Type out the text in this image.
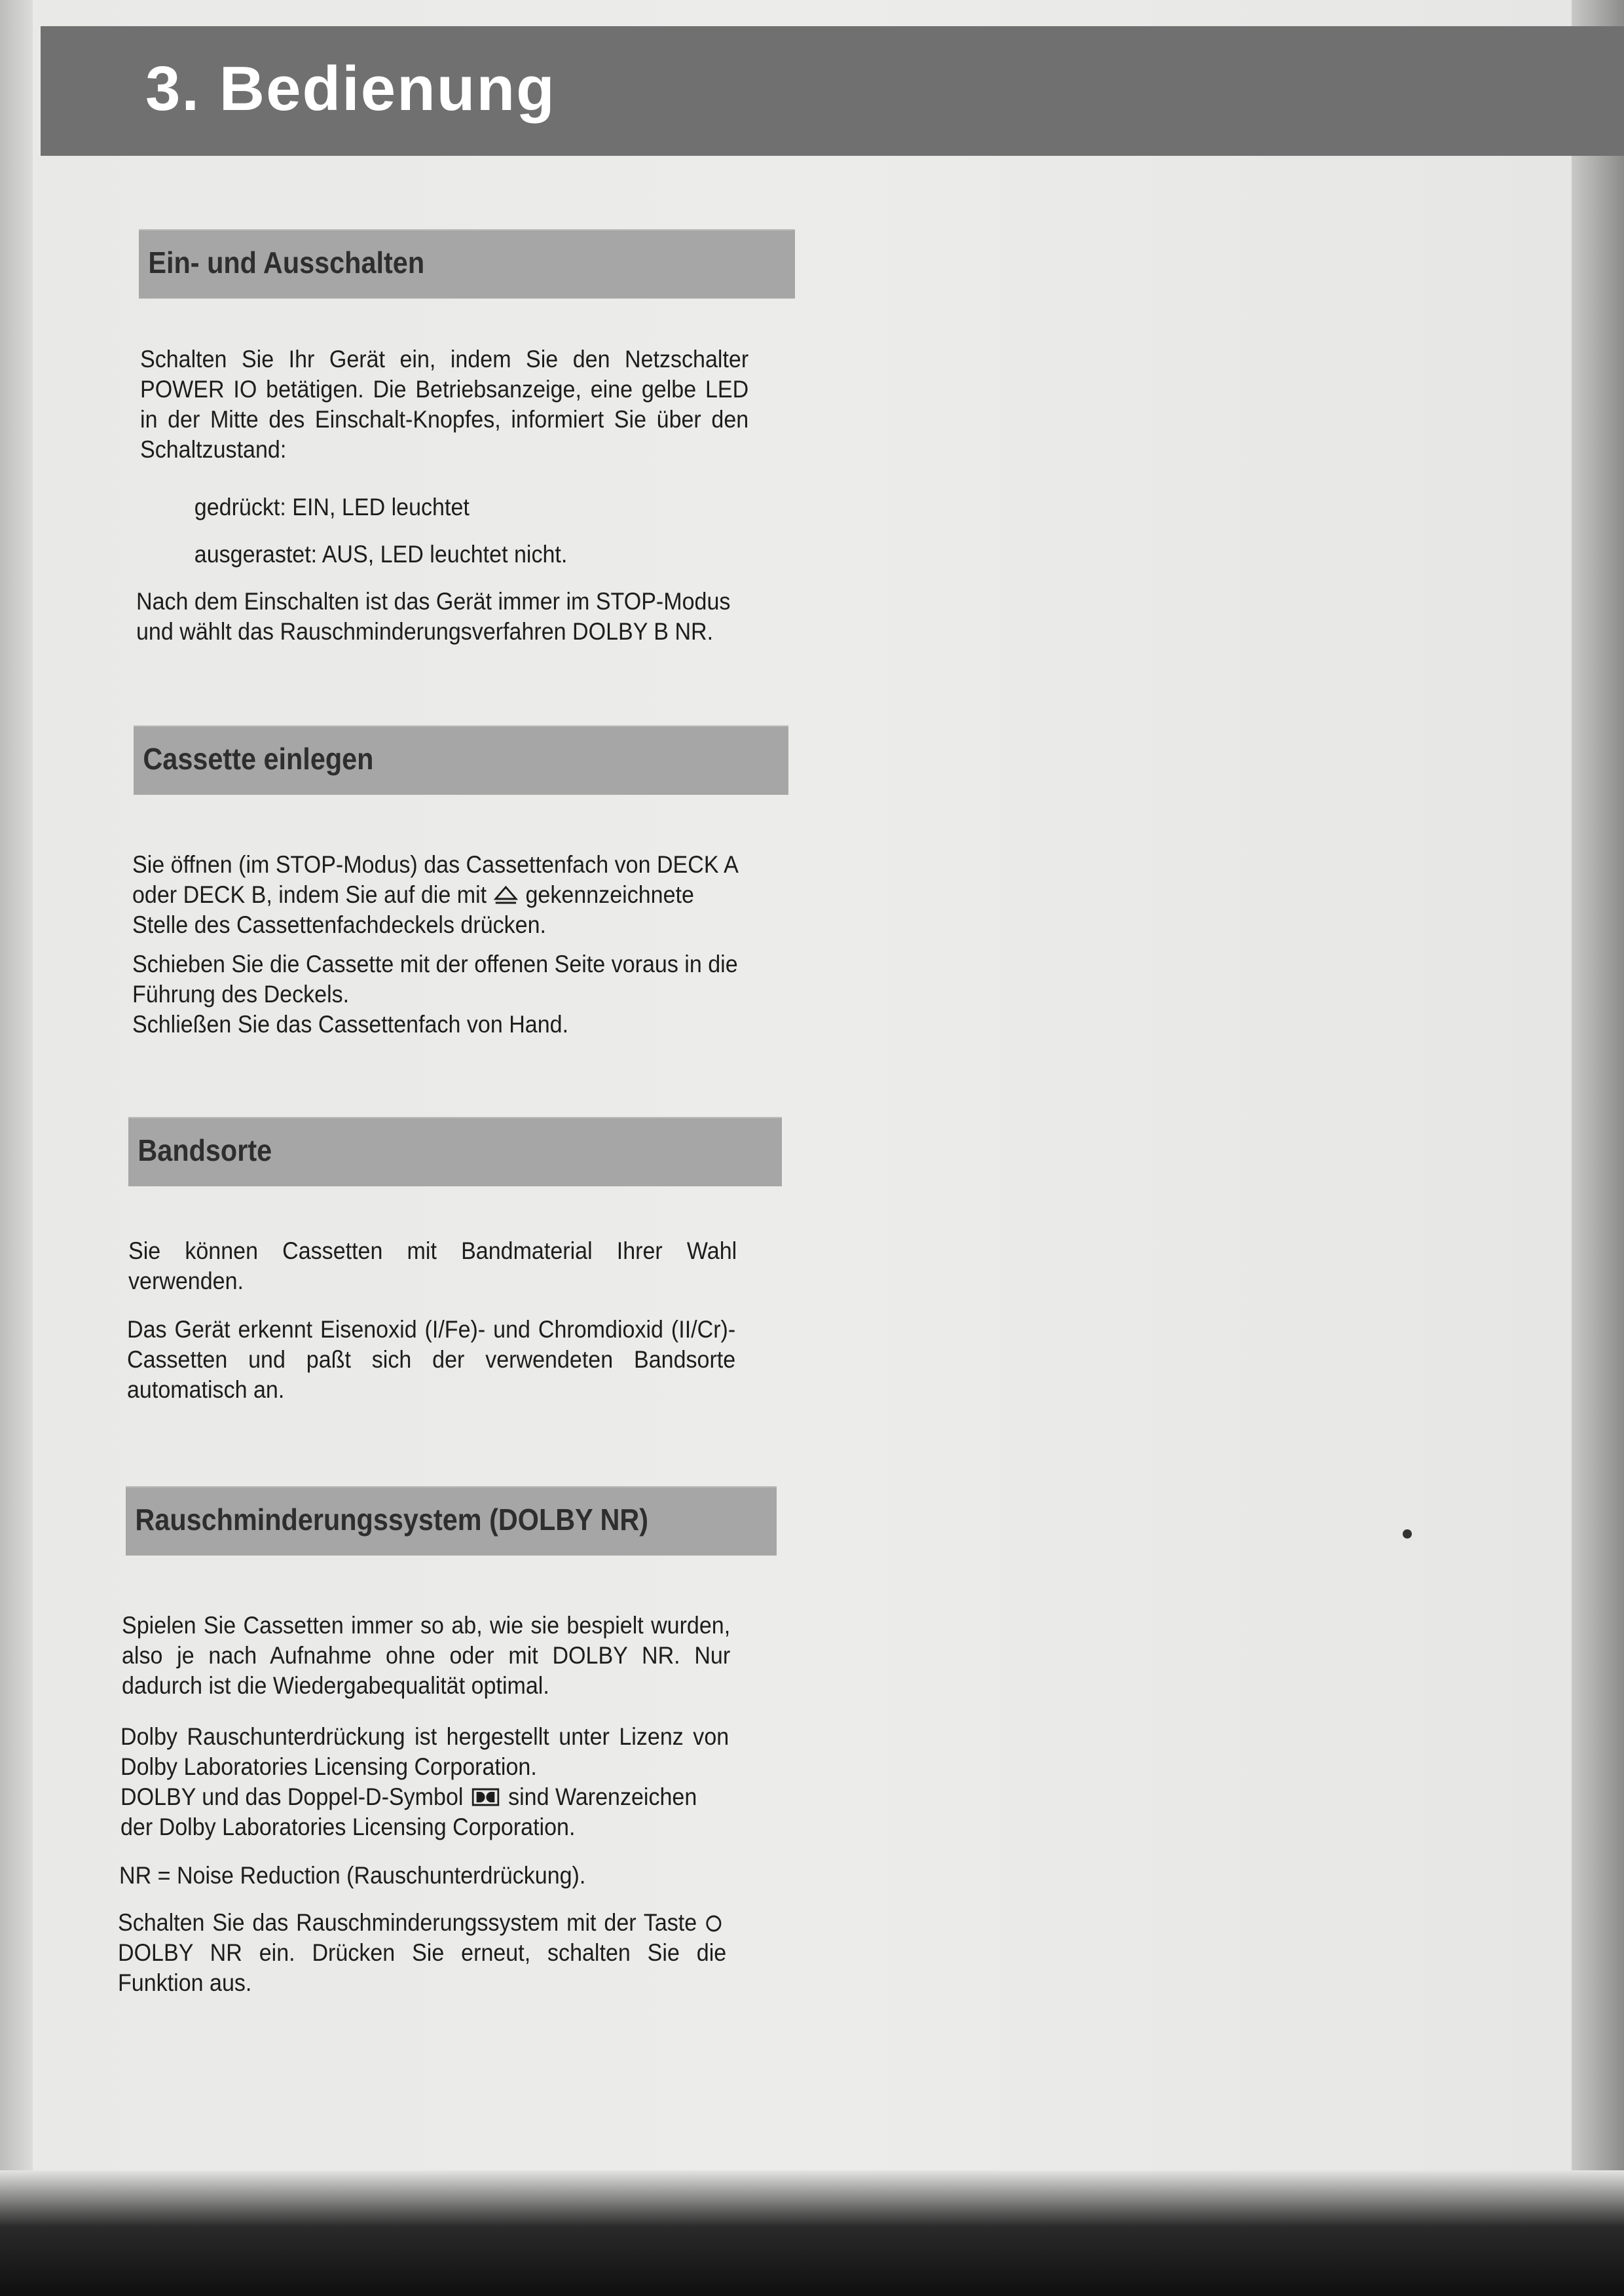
3. Bedienung
Ein- und Ausschalten

Schalten Sie Ihr Gerät ein, indem Sie den Netzschalter POWER IO betätigen. Die Betriebsanzeige, eine gelbe LED in der Mitte des Einschalt-Knopfes, informiert Sie über den Schaltzustand:

gedrückt: EIN, LED leuchtet

ausgerastet: AUS, LED leuchtet nicht.

Nach dem Einschalten ist das Gerät immer im STOP-Modus und wählt das Rauschminderungsverfahren DOLBY B NR.

Cassette einlegen

Sie öffnen (im STOP-Modus) das Cassettenfach von DECK A oder DECK B, indem Sie auf die mit gekennzeichnete Stelle des Cassettenfachdeckels drücken.

Schieben Sie die Cassette mit der offenen Seite voraus in die Führung des Deckels.

Schließen Sie das Cassettenfach von Hand.

Bandsorte

Sie können Cassetten mit Bandmaterial Ihrer Wahl verwenden.

Das Gerät erkennt Eisenoxid (I/Fe)- und Chromdioxid (II/Cr)-Cassetten und paßt sich der verwendeten Bandsorte automatisch an.

Rauschminderungssystem (DOLBY NR)

Spielen Sie Cassetten immer so ab, wie sie bespielt wurden, also je nach Aufnahme ohne oder mit DOLBY NR. Nur dadurch ist die Wiedergabequalität optimal.

Dolby Rauschunterdrückung ist hergestellt unter Lizenz von Dolby Laboratories Licensing Corporation.

DOLBY und das Doppel-D-Symbol sind Warenzeichen der Dolby Laboratories Licensing Corporation.

NR = Noise Reduction (Rauschunterdrückung).

Schalten Sie das Rauschminderungssystem mit der Taste DOLBY NR ein. Drücken Sie erneut, schalten Sie die Funktion aus.
